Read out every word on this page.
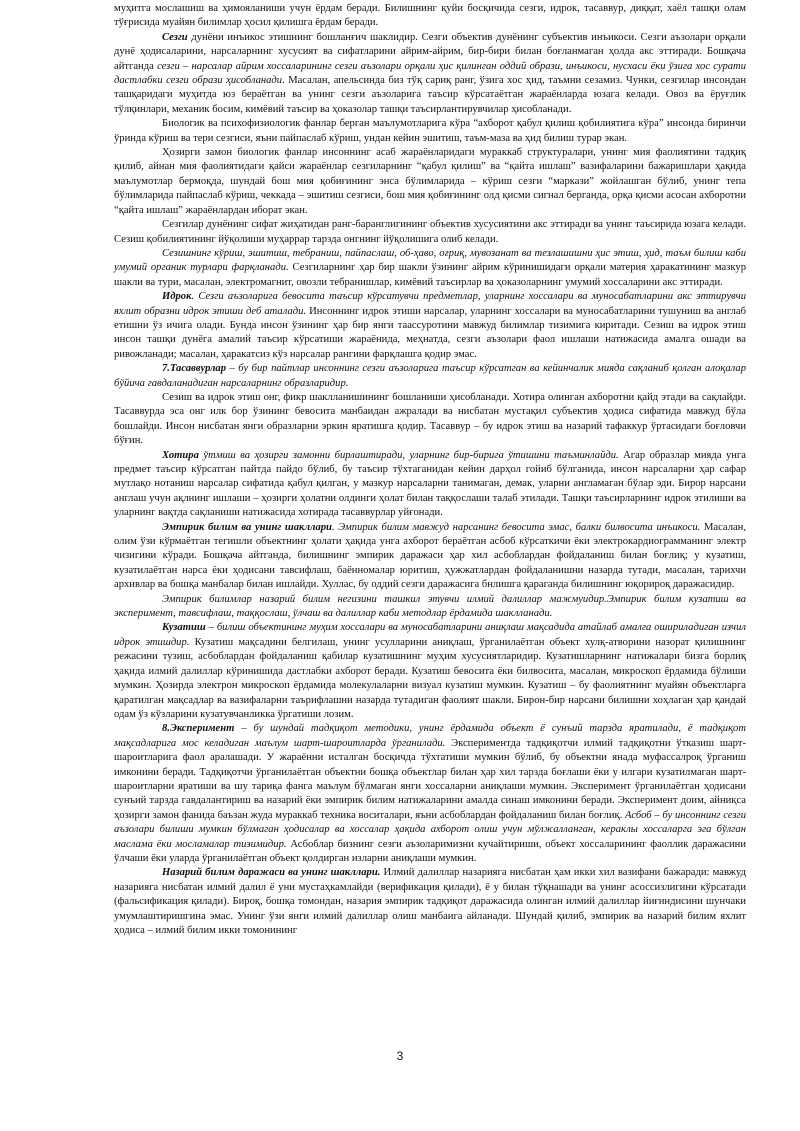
муҳитга мослашиш ва ҳимояланиши учун ёрдам беради. Билишнинг қуйи босқичида сезги, идрок, тасаввур, диққат, хаёл ташқи олам тўғрисида муайян билимлар ҳосил қилишга ёрдам беради.

Сезги дунёни инъикос этишнинг бошланғич шаклидир. Сезги объектив дунёнинг субъектив инъикоси. Сезги аъзолари орқали дунё ҳодисаларини, нарсаларнинг хусусият ва сифатларини айрим-айрим, бир-бири билан боғланмаган ҳолда акс эттиради. Бошқача айтганда сезги – нарсалар айрим хоссаларининг сезги аъзолари орқали ҳис қилинган оддий образи, инъикоси, нусхаси ёки ўзига хос сурати дастлабки сезги образи ҳисобланади. Масалан, апельсинда биз тўқ сариқ ранг, ўзига хос ҳид, таъмни сезамиз. Чунки, сезгилар инсондан ташқаридаги муҳитда юз бераётган ва унинг сезги аъзоларига таъсир кўрсатаётган жараёнларда юзага келади. Овоз ва ёруғлик тўлқинлари, механик босим, кимёвий таъсир ва ҳоказолар ташқи таъсирлантирувчилар ҳисобланади.

Биологик ва психофизиологик фанлар берган маълумотларига кўра “ахборот қабул қилиш қобилиятига кўра” инсонда биринчи ўринда кўриш ва тери сезгиси, яъни пайпаслаб кўриш, ундан кейин эшитиш, таъм-маза ва ҳид билиш турар экан.

Ҳозирги замон биологик фанлар инсоннинг асаб жараёнларидаги мураккаб структуралари, унинг мия фаолиятини тадқиқ қилиб, айнан мия фаолиятидаги қайси жараёнлар сезгиларнинг “қабул қилиш” ва “қайта ишлаш” вазифаларини бажаришлари ҳақида маълумотлар бермоқда, шундай бош мия қобиғининг энса бўлимларида – кўриш сезги “маркази” жойлашган бўлиб, унинг тепа бўлимларида пайпаслаб кўриш, чеккада – эшитиш сезгиси, бош мия қобиғининг олд қисми сигнал берганда, орқа қисми асосан ахборотни “қайта ишлаш” жараёнлардан иборат экан.

Сезгилар дунёнинг сифат жиҳатидан ранг-баранглигининг объектив хусусиятини акс эттиради ва унинг таъсирида юзага келади. Сезиш қобилиятининг йўқолиши муҳаррар тарзда онгнинг йўқолишига олиб келади.

Сезишнинг кўриш, эшитиш, тебраниш, пайпаслаш, об-ҳаво, оғриқ, мувозанат ва тезлашишни ҳис этиш, ҳид, таъм билиш каби умумий органик турлари фарқланади. Сезгиларнинг ҳар бир шакли ўзининг айрим кўринишидаги орқали материя ҳаракатининг мазкур шакли ва тури, масалан, электромагнит, овозли тебранишлар, кимёвий таъсирлар ва ҳоказоларнинг умумий хоссаларини акс эттиради.

Идрок. Сезги аъзоларига бевосита таъсир кўрсатувчи предметлар, уларнинг хоссалари ва муносабатларини акс эттирувчи яхлит образни идрок этиши деб аталади. Инсоннинг идрок этиши нарсалар, уларнинг хоссалари ва муносабатларини тушуниш ва англаб етишни ўз ичига олади. Бунда инсон ўзининг ҳар бир янги таассуротини мавжуд билимлар тизимига киритади. Сезиш ва идрок этиш инсон ташқи дунёга амалий таъсир кўрсатиши жараёнида, меҳнатда, сезги аъзолари фаол ишлаши натижасида амалга ошади ва ривожланади; масалан, ҳаракатсиз кўз нарсалар рангини фарқлашга қодир эмас.

7.Тасаввурлар – бу бир пайтлар инсоннинг сезги аъзоларига таъсир кўрсатган ва кейинчалик мияда сақланиб қолган алоқалар бўйича гавдаланадиган нарсаларнинг образларидир.

Сезиш ва идрок этиш онг, фикр шаклланишининг бошланиши ҳисобланади. Хотира олинган ахборотни қайд этади ва сақлайди. Тасаввурда эса онг илк бор ўзининг бевосита манбаидан ажралади ва нисбатан мустақил субъектив ҳодиса сифатида мавжуд бўла бошлайди. Инсон нисбатан янги образларни эркин яратишга қодир. Тасаввур – бу идрок этиш ва назарий тафаккур ўртасидаги боғловчи бўғин.

Хотира ўтмиш ва ҳозирги замонни бирлаштиради, уларнинг бир-бирига ўтишини таъминлайди. Агар образлар мияда унга предмет таъсир кўрсатган пайтда пайдо бўлиб, бу таъсир тўхтаганидан кейин дарҳол гойиб бўлганида, инсон нарсаларни ҳар сафар мутлақо нотаниш нарсалар сифатида қабул қилган, у мазкур нарсаларни танимаган, демак, уларни англамаган бўлар эди. Бирор нарсани англаш учун ақлнинг ишлаши – ҳозирги ҳолатни олдинги ҳолат билан таққослаши талаб этилади. Ташқи таъсирларнинг идрок этилиши ва уларнинг вақтда сақланиши натижасида хотирада тасаввурлар уйғонади.

Эмпирик билим ва унинг шакллари. Эмпирик билим мавжуд нарсанинг бевосита эмас, балки билвосита инъикоси. Масалан, олим ўзи кўрмаётган тегишли объектнинг ҳолати ҳақида унга ахборот бераётган асбоб кўрсаткичи ёки электрокардиограмманинг электр чизигини кўради. Бошқача айтганда, билишнинг эмпирик даражаси ҳар хил асбоблардан фойдаланиш билан боғлиқ; у кузатиш, кузатилаётган нарса ёки ҳодисани тавсифлаш, баённомалар юритиш, ҳужжатлардан фойдаланишни назарда тутади, масалан, тарихчи архивлар ва бошқа манбалар билан ишлайди. Хуллас, бу оддий сезги даражасига бнлишга қараганда билишнинг юқорироқ даражасидир.

Эмпирик билимлар назарий билим негизини ташкил этувчи илмий далиллар мажмуидир.Эмпирик билим кузатиш ва эксперимент, тавсифлаш, таққослаш, ўлчаш ва далиллар каби методлар ёрдамида шаклланади.

Кузатиш – билиш объектининг муҳим хоссалари ва муносабатларини аниқлаш мақсадида атайлаб амалга ошириладиган изчил идрок этишдир. Кузатиш мақсадини белгилаш, унинг усулларини аниқлаш, ўрганилаётган объект хулқ-атворини назорат қилишнинг режасини тузиш, асбоблардан фойдаланиш қабилар кузатишнинг муҳим хусусиятларидир. Кузатишларнинг натижалари бизга борлиқ ҳақида илмий далиллар кўринишида дастлабки ахборот беради. Кузатиш бевосита ёки билвосита, масалан, микроскоп ёрдамида бўлиши мумкин. Ҳозирда электрон микроскоп ёрдамида молекулаларни визуал кузатиш мумкин. Кузатиш – бу фаолиятнинг муайян объектларга қаратилган мақсадлар ва вазифаларни таърифлашни назарда тутадиган фаолият шакли. Бирон-бир нарсани билишни хоҳлаган ҳар қандай одам ўз кўзларини кузатувчанликка ўргатиши лозим.

8.Эксперимент – бу шундай тадқиқот методики, унинг ёрдамида объект ё сунъий тарзда яратилади, ё тадқиқот мақсадларига мос келадиган маълум шарт-шароитларда ўрганилади. Экспериментда тадқиқотчи илмий тадқиқотни ўтказиш шарт-шароитларига фаол аралашади. У жараённи исталган босқичда тўхтатиши мумкин бўлиб, бу объектни янада муфассалроқ ўрганиш имконини беради. Тадқиқотчи ўрганилаётган объектни бошқа объектлар билан ҳар хил тарзда боғлаши ёки у илгари кузатилмаган шарт-шароитларни яратиши ва шу тариқа фанга маълум бўлмаган янги хоссаларни аниқлаши мумкин. Эксперимент ўрганилаётган ҳодисани сунъий тарзда гавдалантириш ва назарий ёки эмпирик билим натижаларини амалда синаш имконини беради. Эксперимент доим, айниқса ҳозирги замон фанида баъзан жуда мураккаб техника воситалари, яъни асбоблардан фойдаланиш билан боғлиқ. Асбоб – бу инсоннинг сезги аъзолари билиши мумкин бўлмаган ҳодисалар ва хоссалар ҳақида ахборот олиш учун мўлжалланган, кераклы хоссаларга эга бўлган маслама ёки мосламалар тизимидир. Асбоблар бизнинг сезги аъзоларимизни кучайтириши, объект хоссаларининг фаоллик даражасини ўлчаши ёки уларда ўрганилаётган объект қолдирган изларни аниқлаши мумкин.

Назарий билим даражаси ва унинг шакллари. Илмий далиллар назарияга нисбатан ҳам икки хил вазифани бажаради: мавжуд назарияга нисбатан илмий далил ё уни мустаҳкамлайди (верификация қилади), ё у билан тўқнашади ва унинг асоссизлигини кўрсатади (фальсификация қилади). Бироқ, бошқа томондан, назария эмпирик тадқиқот даражасида олинган илмий далиллар йиғиндисини шунчаки умумлаштиришгина эмас. Унинг ўзи янги илмий далиллар олиш манбаига айланади. Шундай қилиб, эмпирик ва назарий билим яхлит ҳодиса – илмий билим икки томонининг

3
